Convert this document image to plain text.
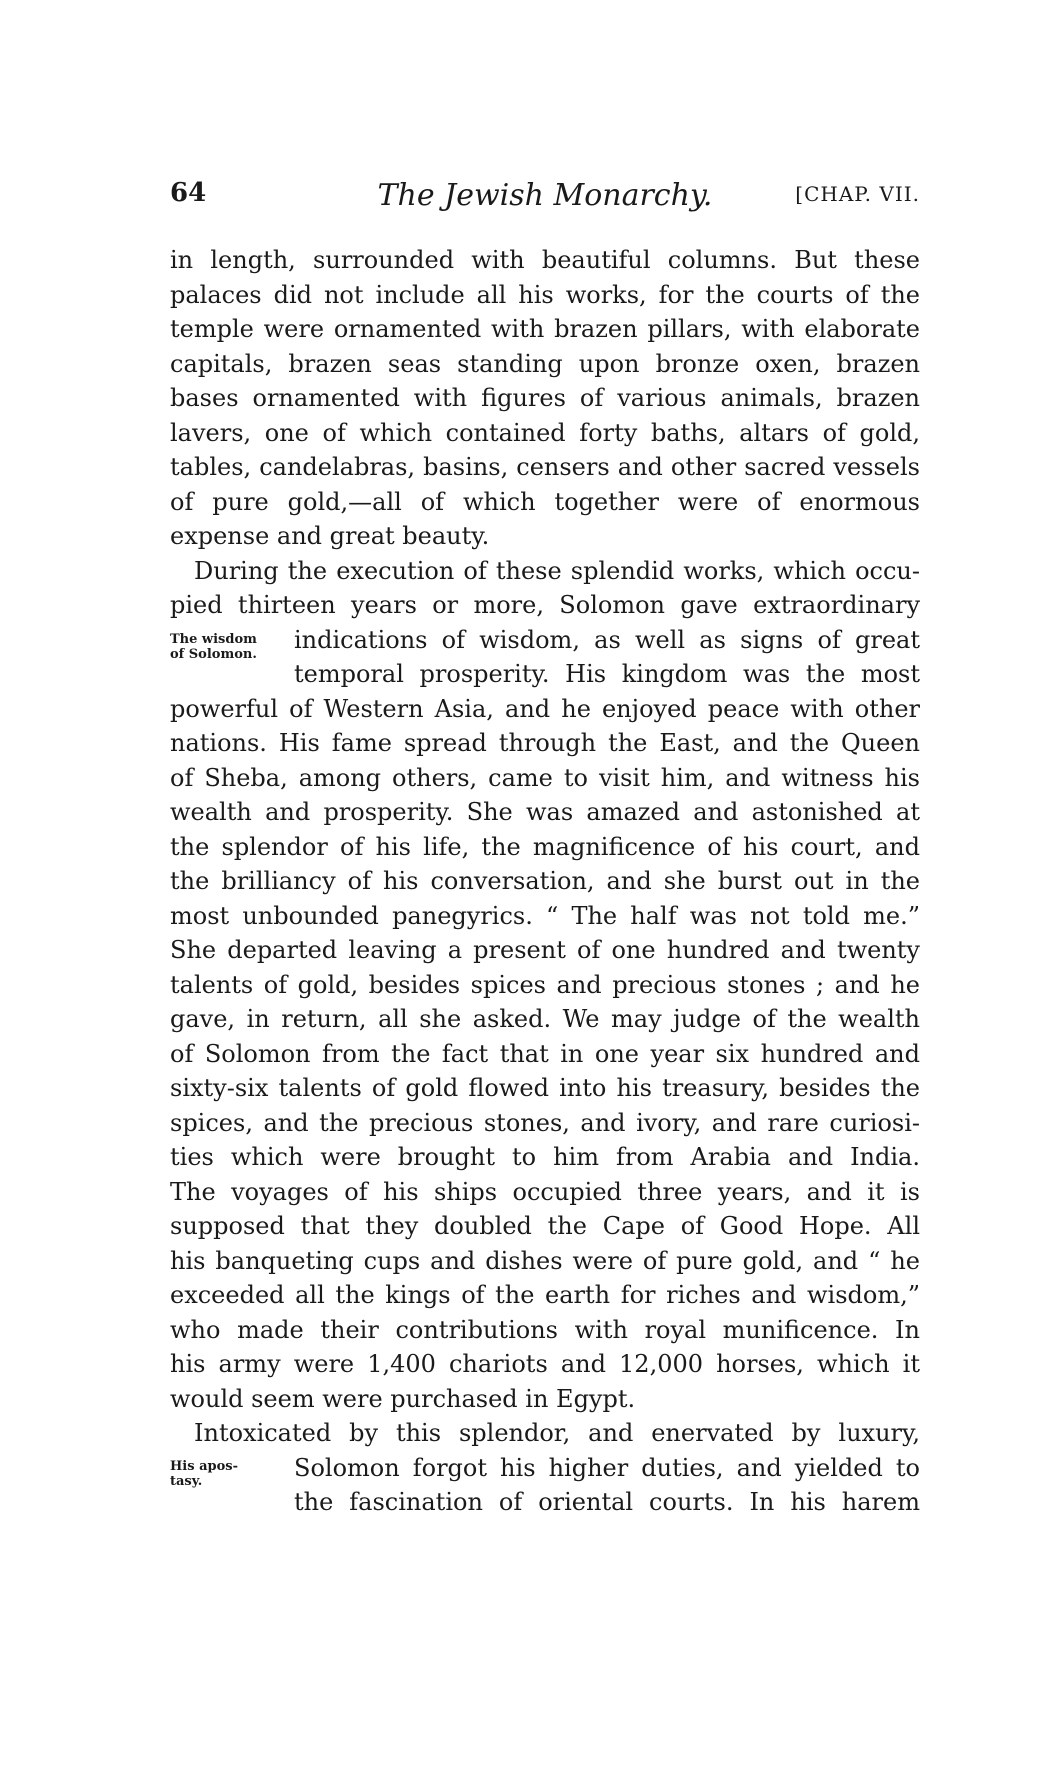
64	The Jewish Monarchy.	[CHAP. VII.
in length, surrounded with beautiful columns. But these
palaces did not include all his works, for the courts of the
temple were ornamented with brazen pillars, with elaborate
capitals, brazen seas standing upon bronze oxen, brazen
bases ornamented with figures of various animals, brazen
lavers, one of which contained forty baths, altars of gold,
tables, candelabras, basins, censers and other sacred vessels
of pure gold,—all of which together were of enormous
expense and great beauty.
During the execution of these splendid works, which occu-
pied thirteen years or more, Solomon gave extraordinary
indications of wisdom, as well as signs of great
temporal prosperity. His kingdom was the most
powerful of Western Asia, and he enjoyed peace with other
nations. His fame spread through the East, and the Queen
of Sheba, among others, came to visit him, and witness his
wealth and prosperity. She was amazed and astonished at
the splendor of his life, the magnificence of his court, and
the brilliancy of his conversation, and she burst out in the
most unbounded panegyrics. “ The half was not told me.”
She departed leaving a present of one hundred and twenty
talents of gold, besides spices and precious stones ; and he
gave, in return, all she asked. We may judge of the wealth
of Solomon from the fact that in one year six hundred and
sixty-six talents of gold flowed into his treasury, besides the
spices, and the precious stones, and ivory, and rare curiosi-
ties which were brought to him from Arabia and India.
The voyages of his ships occupied three years, and it is
supposed that they doubled the Cape of Good Hope. All
his banqueting cups and dishes were of pure gold, and “ he
exceeded all the kings of the earth for riches and wisdom,”
who made their contributions with royal munificence. In
his army were 1,400 chariots and 12,000 horses, which it
would seem were purchased in Egypt.
Intoxicated by this splendor, and enervated by luxury,
Solomon forgot his higher duties, and yielded to
the fascination of oriental courts. In his harem
The wisdom
of Solomon.
His apos-
tasy.
